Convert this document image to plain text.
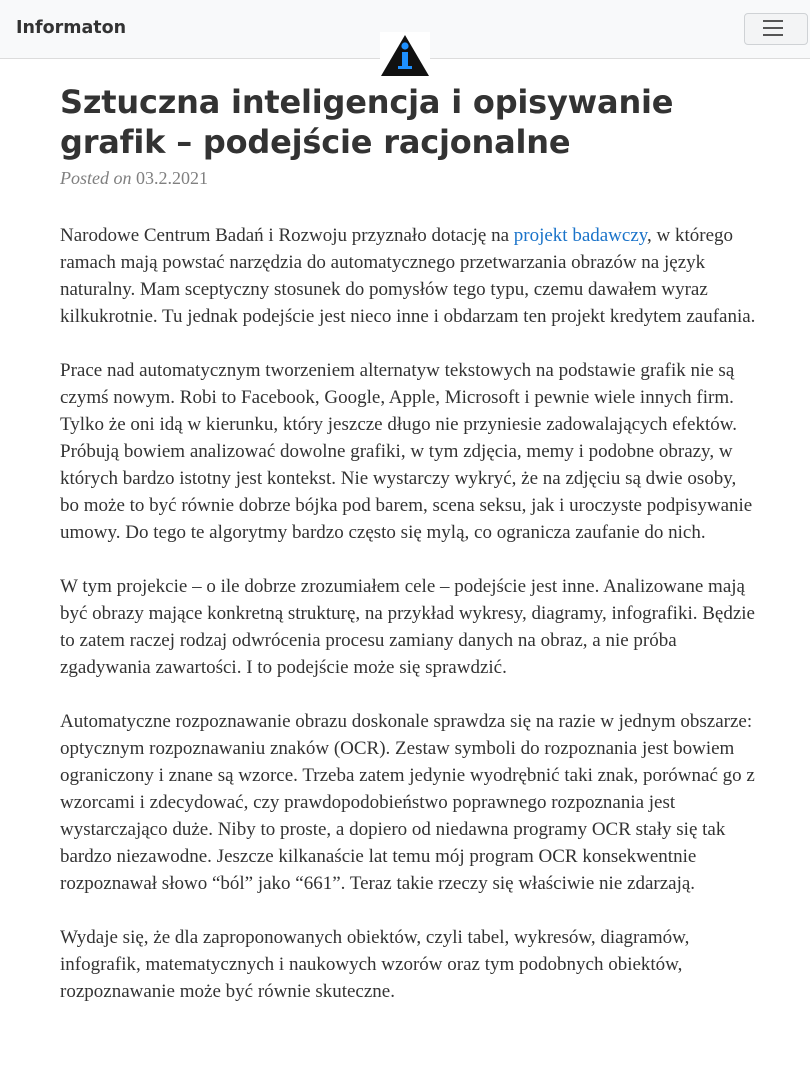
Informaton
Sztuczna inteligencja i opisywanie grafik – podejście racjonalne
Posted on 03.2.2021

Narodowe Centrum Badań i Rozwoju przyznało dotację na projekt badawczy, w którego ramach mają powstać narzędzia do automatycznego przetwarzania obrazów na język naturalny. Mam sceptyczny stosunek do pomysłów tego typu, czemu dawałem wyraz kilkukrotnie. Tu jednak podejście jest nieco inne i obdarzam ten projekt kredytem zaufania.

Prace nad automatycznym tworzeniem alternatyw tekstowych na podstawie grafik nie są czymś nowym. Robi to Facebook, Google, Apple, Microsoft i pewnie wiele innych firm. Tylko że oni idą w kierunku, który jeszcze długo nie przyniesie zadowalających efektów. Próbują bowiem analizować dowolne grafiki, w tym zdjęcia, memy i podobne obrazy, w których bardzo istotny jest kontekst. Nie wystarczy wykryć, że na zdjęciu są dwie osoby, bo może to być równie dobrze bójka pod barem, scena seksu, jak i uroczyste podpisywanie umowy. Do tego te algorytmy bardzo często się mylą, co ogranicza zaufanie do nich.

W tym projekcie – o ile dobrze zrozumiałem cele – podejście jest inne. Analizowane mają być obrazy mające konkretną strukturę, na przykład wykresy, diagramy, infografiki. Będzie to zatem raczej rodzaj odwrócenia procesu zamiany danych na obraz, a nie próba zgadywania zawartości. I to podejście może się sprawdzić.

Automatyczne rozpoznawanie obrazu doskonale sprawdza się na razie w jednym obszarze: optycznym rozpoznawaniu znaków (OCR). Zestaw symboli do rozpoznania jest bowiem ograniczony i znane są wzorce. Trzeba zatem jedynie wyodrębnić taki znak, porównać go z wzorcami i zdecydować, czy prawdopodobieństwo poprawnego rozpoznania jest wystarczająco duże. Niby to proste, a dopiero od niedawna programy OCR stały się tak bardzo niezawodne. Jeszcze kilkanaście lat temu mój program OCR konsekwentnie rozpoznawał słowo “ból” jako “661”. Teraz takie rzeczy się właściwie nie zdarzają.

Wydaje się, że dla zaproponowanych obiektów, czyli tabel, wykresów, diagramów, infografik, matematycznych i naukowych wzorów oraz tym podobnych obiektów, rozpoznawanie może być równie skuteczne.
